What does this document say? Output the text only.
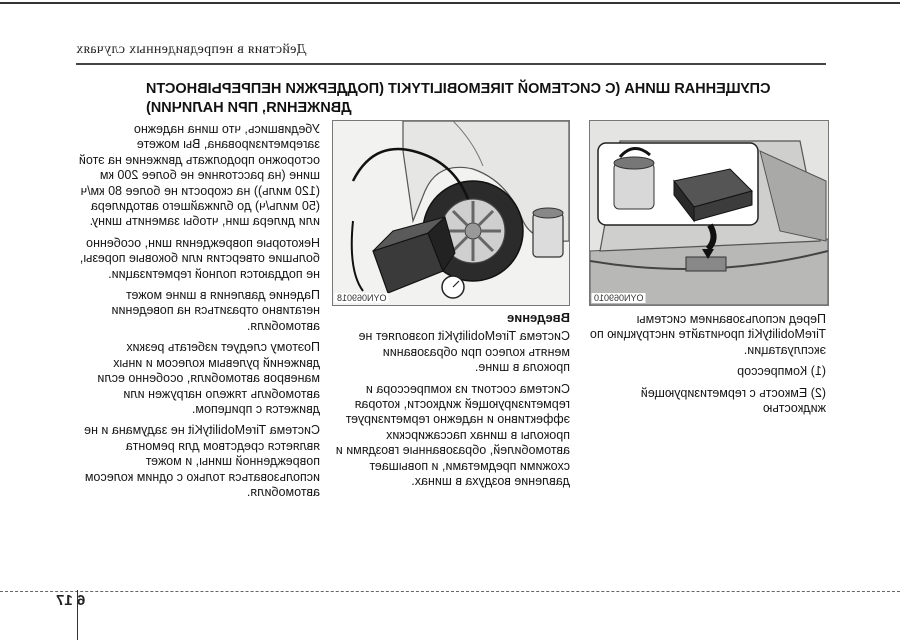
Действия в непредвиденных случаях
СПУЩЕННАЯ ШИНА (С СИСТЕМОЙ TIREMOBILITYKIT (ПОДДЕРЖКИ НЕПРЕРЫВНОСТИ
ДВИЖЕНИЯ, ПРИ НАЛИЧИИ)

Убедившись, что шина надежно загерметизирована, Вы можете осторожно продолжать движение на этой шине (на расстояние не более 200 км (120 миль)) на скорости не более 80 км/ч (50 миль/ч) до ближайшего автодилера или дилера шин, чтобы заменить шину.

Некоторые повреждения шин, особенно большие отверстия или боковые порезы, не поддаются полной герметизации.

Падение давления в шине может негативно отразиться на поведении автомобиля.

Поэтому следует избегать резких движений рулевым колесом и иных маневров автомобиля, особенно если автомобиль тяжело нагружен или движется с прицепом.

Система TireMobilityKit не задумана и не является средством для ремонта поврежденной шины, и может использоваться только с одним колесом автомобиля.

OYN069018
Введение

Система TireMobilityKit позволяет не менять колесо при образовании прокола в шине.

Система состоит из компрессора и герметизирующей жидкости, которая эффективно и надежно герметизирует проколы в шинах пассажирских автомобилей, образованные гвоздями и схожими предметами, и повышает давление воздуха в шинах.

OYN069010

Перед использованием системы TireMobilityKit прочитайте инструкцию по эксплуатации.

(1) Компрессор

(2) Емкость с герметизирующей жидкостью

6 17
